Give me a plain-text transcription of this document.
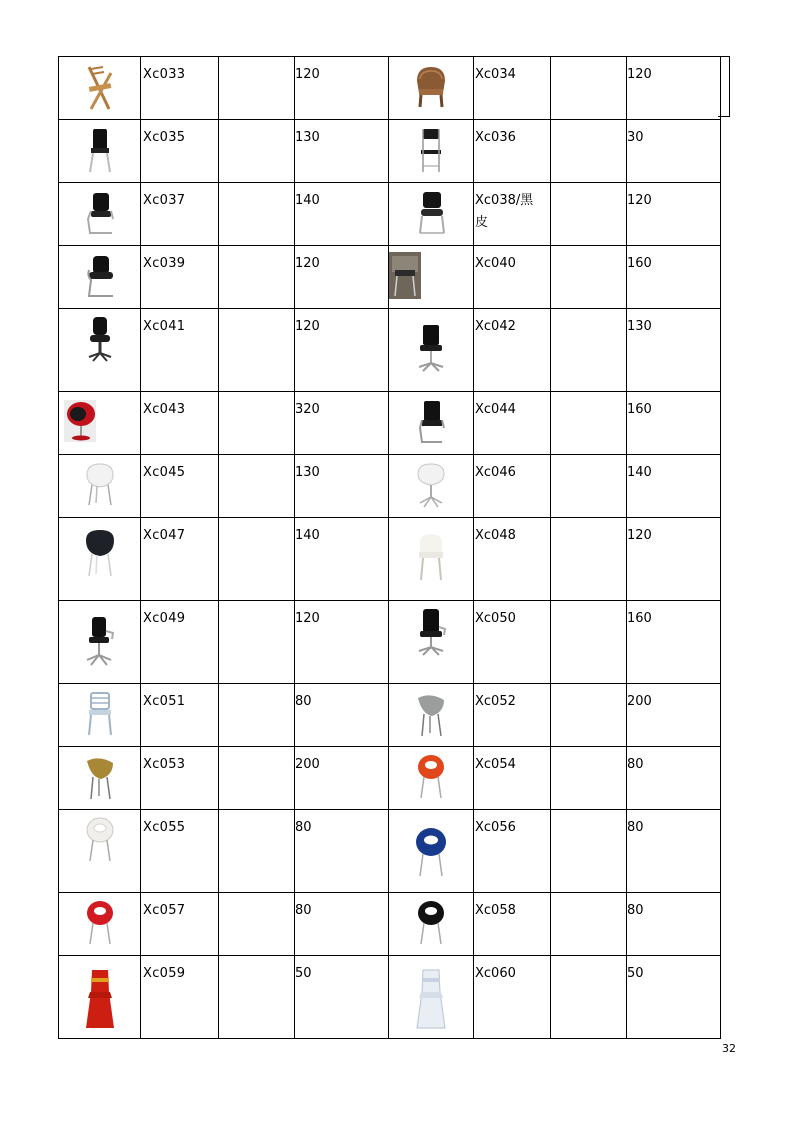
Xc033		120		Xc034		120

Xc035		130		Xc036		30

Xc037		140		Xc038/黑皮		120

Xc039		120		Xc040		160

Xc041		120		Xc042		130

Xc043		320		Xc044		160

Xc045		130		Xc046		140

Xc047		140		Xc048		120

Xc049		120		Xc050		160

Xc051		80		Xc052		200

Xc053		200		Xc054		80

Xc055		80		Xc056		80

Xc057		80		Xc058		80

Xc059		50		Xc060		50
32
